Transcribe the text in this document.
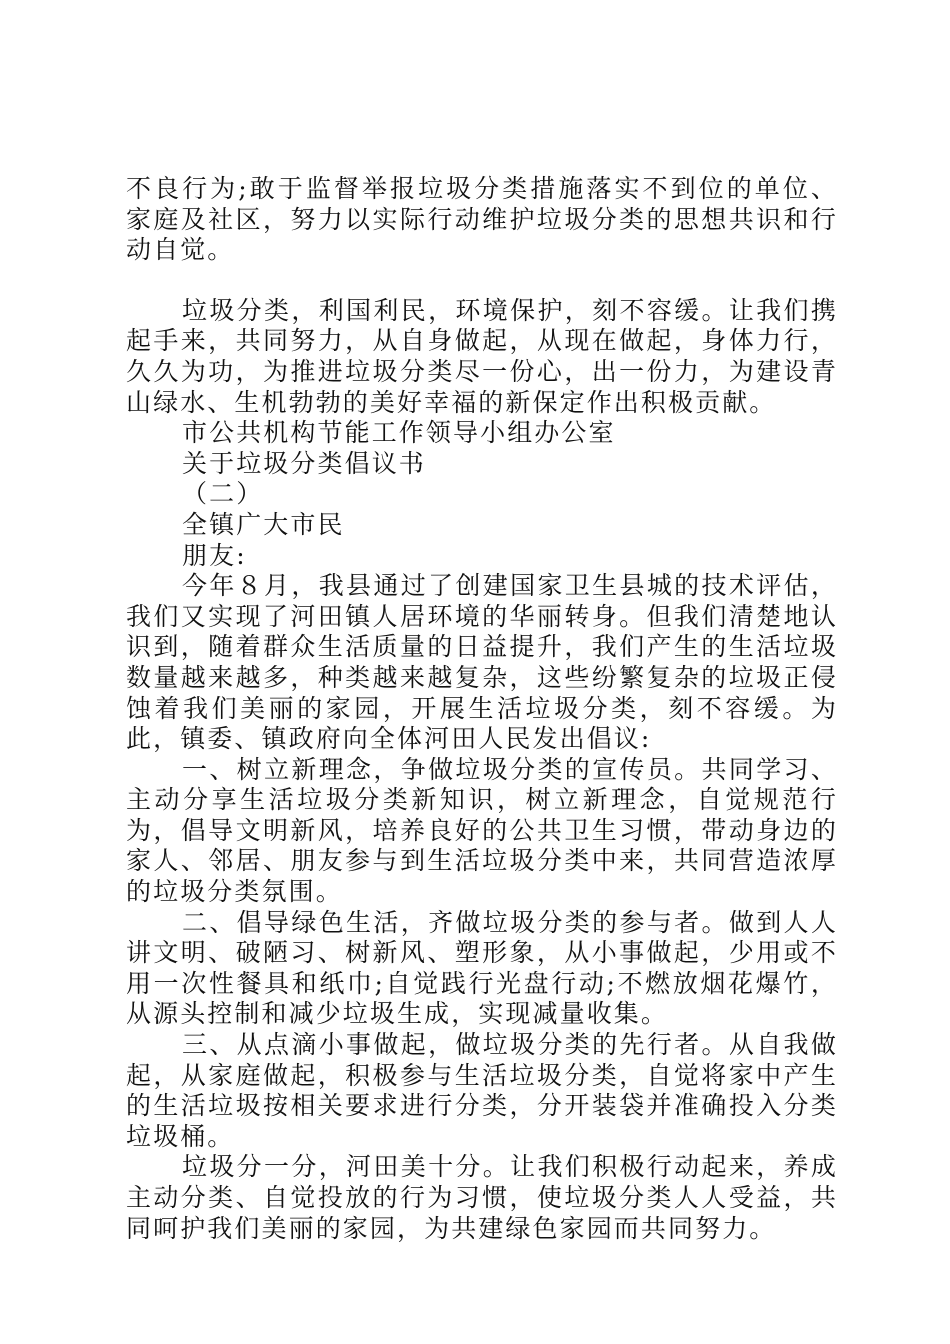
不良行为;敢于监督举报垃圾分类措施落实不到位的单位、家庭及社区，努力以实际行动维护垃圾分类的思想共识和行动自觉。

垃圾分类，利国利民，环境保护，刻不容缓。让我们携起手来，共同努力，从自身做起，从现在做起，身体力行，久久为功，为推进垃圾分类尽一份心，出一份力，为建设青山绿水、生机勃勃的美好幸福的新保定作出积极贡献。

市公共机构节能工作领导小组办公室

关于垃圾分类倡议书

（二）

全镇广大市民

朋友:

今年８月，我县通过了创建国家卫生县城的技术评估，我们又实现了河田镇人居环境的华丽转身。但我们清楚地认识到，随着群众生活质量的日益提升，我们产生的生活垃圾数量越来越多，种类越来越复杂，这些纷繁复杂的垃圾正侵蚀着我们美丽的家园，开展生活垃圾分类，刻不容缓。为此，镇委、镇政府向全体河田人民发出倡议:

一、树立新理念，争做垃圾分类的宣传员。共同学习、主动分享生活垃圾分类新知识，树立新理念，自觉规范行为，倡导文明新风，培养良好的公共卫生习惯，带动身边的家人、邻居、朋友参与到生活垃圾分类中来，共同营造浓厚的垃圾分类氛围。

二、倡导绿色生活，齐做垃圾分类的参与者。做到人人讲文明、破陋习、树新风、塑形象，从小事做起，少用或不用一次性餐具和纸巾;自觉践行光盘行动;不燃放烟花爆竹，从源头控制和减少垃圾生成，实现减量收集。

三、从点滴小事做起，做垃圾分类的先行者。从自我做起，从家庭做起，积极参与生活垃圾分类，自觉将家中产生的生活垃圾按相关要求进行分类，分开装袋并准确投入分类垃圾桶。

垃圾分一分，河田美十分。让我们积极行动起来，养成主动分类、自觉投放的行为习惯，使垃圾分类人人受益，共同呵护我们美丽的家园，为共建绿色家园而共同努力。
